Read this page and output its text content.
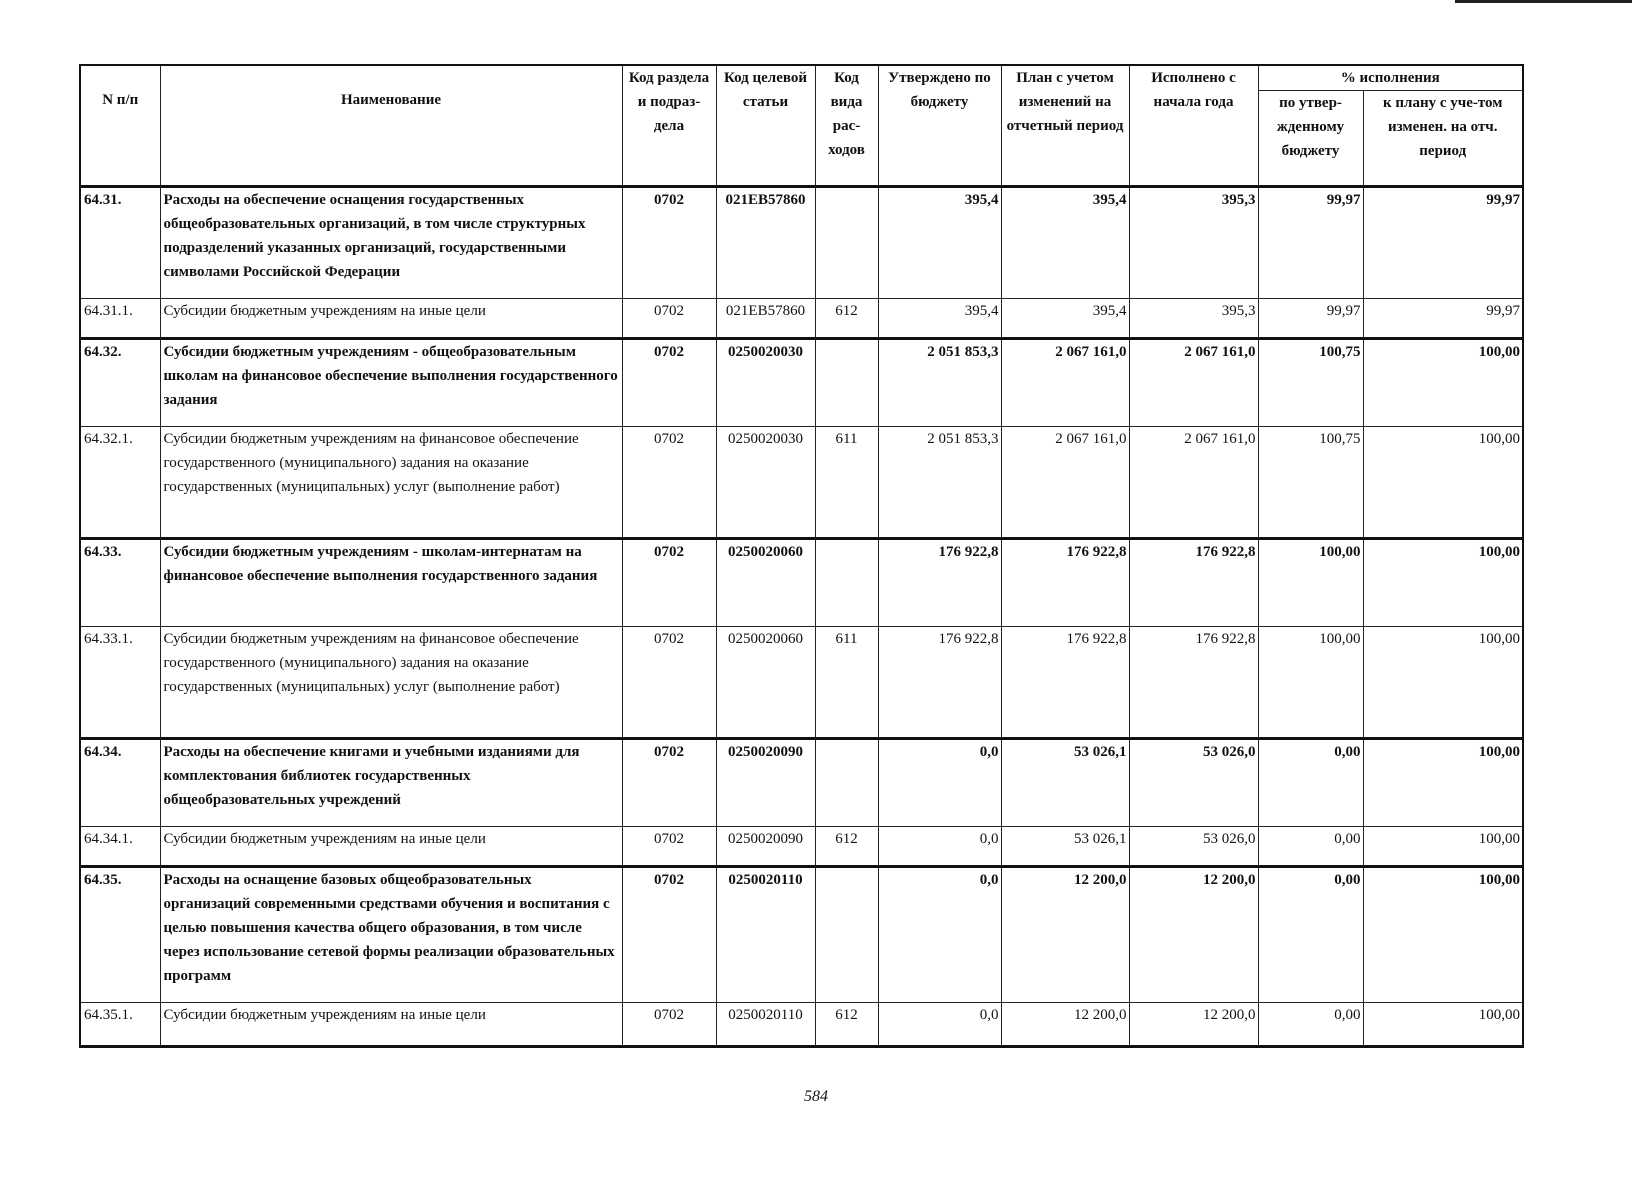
N п/п	Наименование	Код раздела и подраз-дела	Код целевой статьи	Код вида рас-ходов	Утверждено по бюджету	План с учетом изменений на отчетный период	Исполнено с начала года	% исполнения	
								по утвер-жденному бюджету	к плану с уче-том изменен. на отч. период
64.31.	Расходы на обеспечение оснащения государственных общеобразовательных организаций, в том числе структурных подразделений указанных организаций, государственными символами Российской Федерации	0702	021EB57860		395,4	395,4	395,3	99,97	99,97
64.31.1.	Субсидии бюджетным учреждениям на иные цели	0702	021EB57860	612	395,4	395,4	395,3	99,97	99,97
64.32.	Субсидии бюджетным учреждениям - общеобразовательным школам на финансовое обеспечение выполнения государственного задания	0702	0250020030		2 051 853,3	2 067 161,0	2 067 161,0	100,75	100,00
64.32.1.	Субсидии бюджетным учреждениям на финансовое обеспечение государственного (муниципального) задания на оказание государственных (муниципальных) услуг (выполнение работ)	0702	0250020030	611	2 051 853,3	2 067 161,0	2 067 161,0	100,75	100,00
64.33.	Субсидии бюджетным учреждениям - школам-интернатам на финансовое обеспечение выполнения государственного задания	0702	0250020060		176 922,8	176 922,8	176 922,8	100,00	100,00
64.33.1.	Субсидии бюджетным учреждениям на финансовое обеспечение государственного (муниципального) задания на оказание государственных (муниципальных) услуг (выполнение работ)	0702	0250020060	611	176 922,8	176 922,8	176 922,8	100,00	100,00
64.34.	Расходы на обеспечение книгами и учебными изданиями для комплектования библиотек государственных общеобразовательных учреждений	0702	0250020090		0,0	53 026,1	53 026,0	0,00	100,00
64.34.1.	Субсидии бюджетным учреждениям на иные цели	0702	0250020090	612	0,0	53 026,1	53 026,0	0,00	100,00
64.35.	Расходы на оснащение базовых общеобразовательных организаций современными средствами обучения и воспитания с целью повышения качества общего образования, в том числе через использование сетевой формы реализации образовательных программ	0702	0250020110		0,0	12 200,0	12 200,0	0,00	100,00
64.35.1.	Субсидии бюджетным учреждениям на иные цели	0702	0250020110	612	0,0	12 200,0	12 200,0	0,00	100,00
584
